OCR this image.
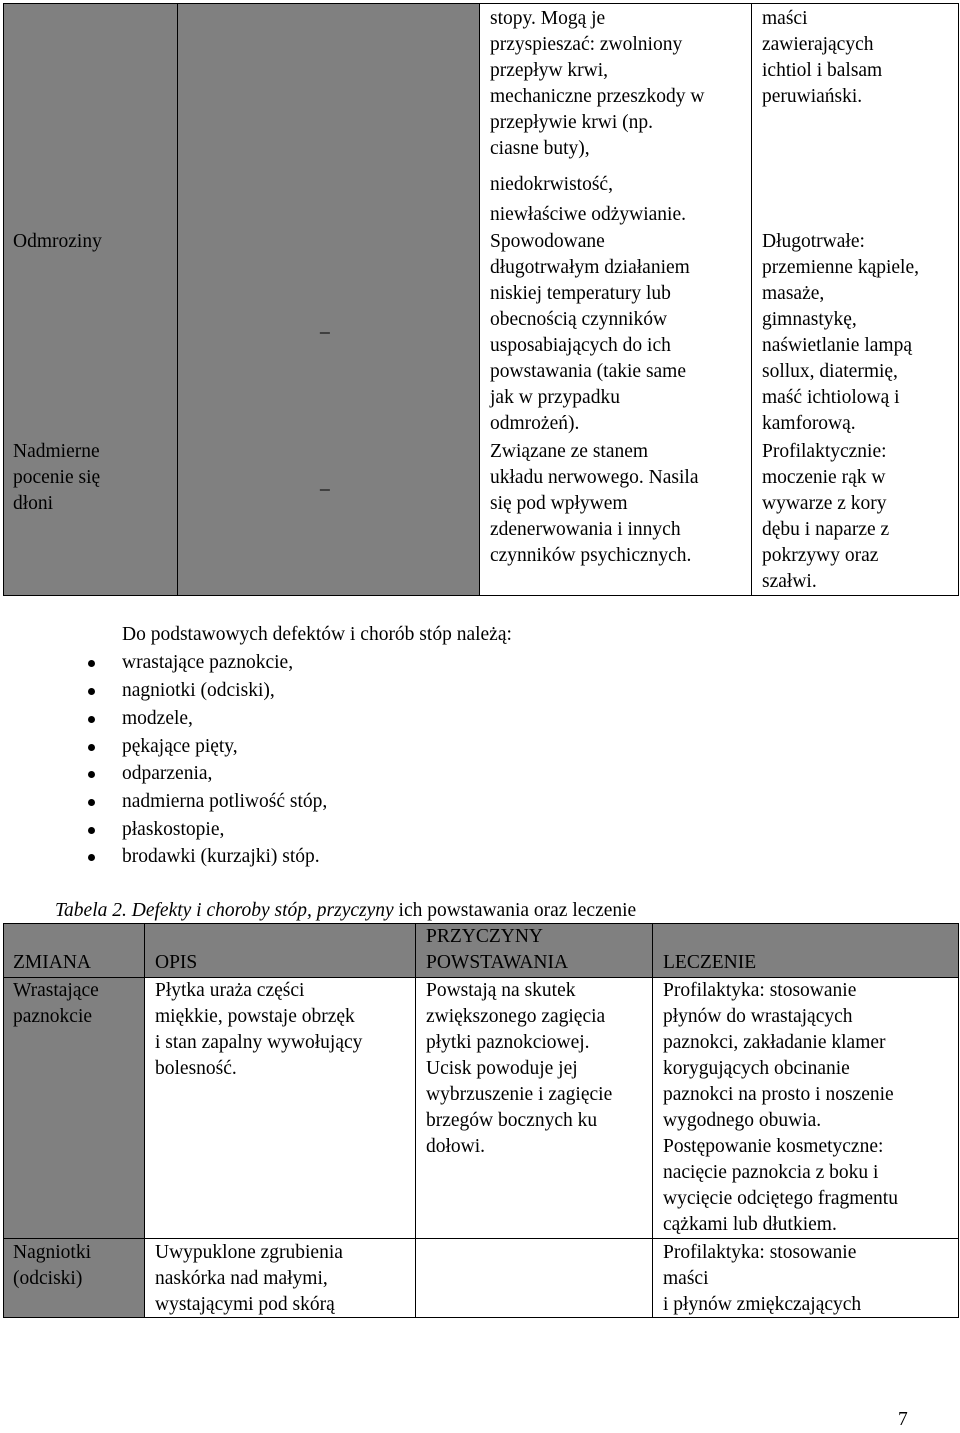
stopy. Mogą je
przyspieszać: zwolniony
przepływ krwi,
mechaniczne przeszkody w
przepływie krwi (np.
ciasne buty),
niedokrwistość,
niewłaściwe odżywianie.
maści
zawierających
ichtiol i balsam
peruwiański.
Odmroziny
_
Spowodowane
długotrwałym działaniem
niskiej temperatury lub
obecnością czynników
usposabiających do ich
powstawania (takie same
jak w przypadku
odmrożeń).
Długotrwałe:
przemienne kąpiele,
masaże,
gimnastykę,
naświetlanie lampą
sollux, diatermię,
maść ichtiolową i
kamforową.
Nadmierne
pocenie się
dłoni
_
Związane ze stanem
układu nerwowego. Nasila
się pod wpływem
zdenerwowania i innych
czynników psychicznych.
Profilaktycznie:
moczenie rąk w
wywarze z kory
dębu i naparze z
pokrzywy oraz
szałwi.
Do podstawowych defektów i chorób stóp należą:
wrastające paznokcie,
nagniotki (odciski),
modzele,
pękające pięty,
odparzenia,
nadmierna potliwość stóp,
płaskostopie,
brodawki (kurzajki) stóp.
Tabela 2. Defekty i choroby stóp, przyczyny ich powstawania oraz leczenie
ZMIANA	OPIS
PRZYCZYNY
POWSTAWANIA	LECZENIE
Wrastające
paznokcie
Płytka uraża części
miękkie, powstaje obrzęk
i stan zapalny wywołujący
bolesność.
Powstają na skutek
zwiększonego zagięcia
płytki paznokciowej.
Ucisk powoduje jej
wybrzuszenie i zagięcie
brzegów bocznych ku
dołowi.
Profilaktyka: stosowanie
płynów do wrastających
paznokci, zakładanie klamer
korygujących obcinanie
paznokci na prosto i noszenie
wygodnego obuwia.
Postępowanie kosmetyczne:
nacięcie paznokcia z boku i
wycięcie odciętego fragmentu
cążkami lub dłutkiem.
Nagniotki
(odciski)
Uwypuklone zgrubienia
naskórka nad małymi,
wystającymi pod skórą
Profilaktyka: stosowanie
maści
i płynów zmiękczających
7
